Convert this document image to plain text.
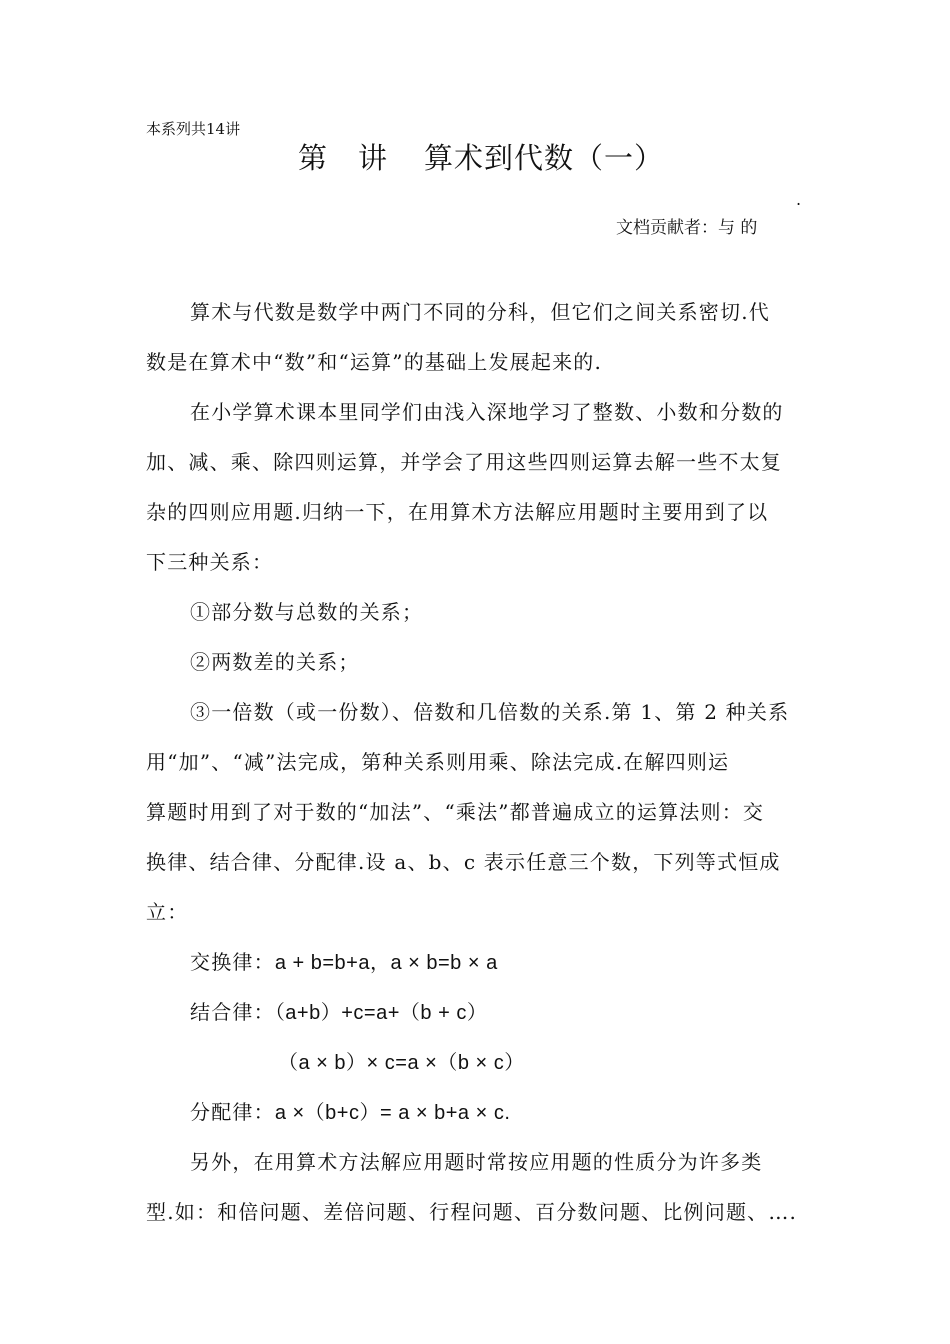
本系列共14讲
第 讲 算术到代数（一）
.
文档贡献者：与 的
算术与代数是数学中两门不同的分科，但它们之间关系密切.代
数是在算术中“数”和“运算”的基础上发展起来的.
在小学算术课本里同学们由浅入深地学习了整数、小数和分数的
加、减、乘、除四则运算，并学会了用这些四则运算去解一些不太复
杂的四则应用题.归纳一下，在用算术方法解应用题时主要用到了以
下三种关系：
①部分数与总数的关系；
②两数差的关系；
③一倍数（或一份数）、倍数和几倍数的关系.第 1、第 2 种关系
用“加”、“减”法完成，第种关系则用乘、除法完成.在解四则运
算题时用到了对于数的“加法”、“乘法”都普遍成立的运算法则：交
换律、结合律、分配律.设 a、b、c 表示任意三个数，下列等式恒成
立：
交换律：a + b=b+a，a × b=b × a
结合律：（a+b）+c=a+（b + c）
（a × b）× c=a ×（b × c）
分配律：a ×（b+c）= a × b+a × c.
另外，在用算术方法解应用题时常按应用题的性质分为许多类
型.如：和倍问题、差倍问题、行程问题、百分数问题、比例问题、….
